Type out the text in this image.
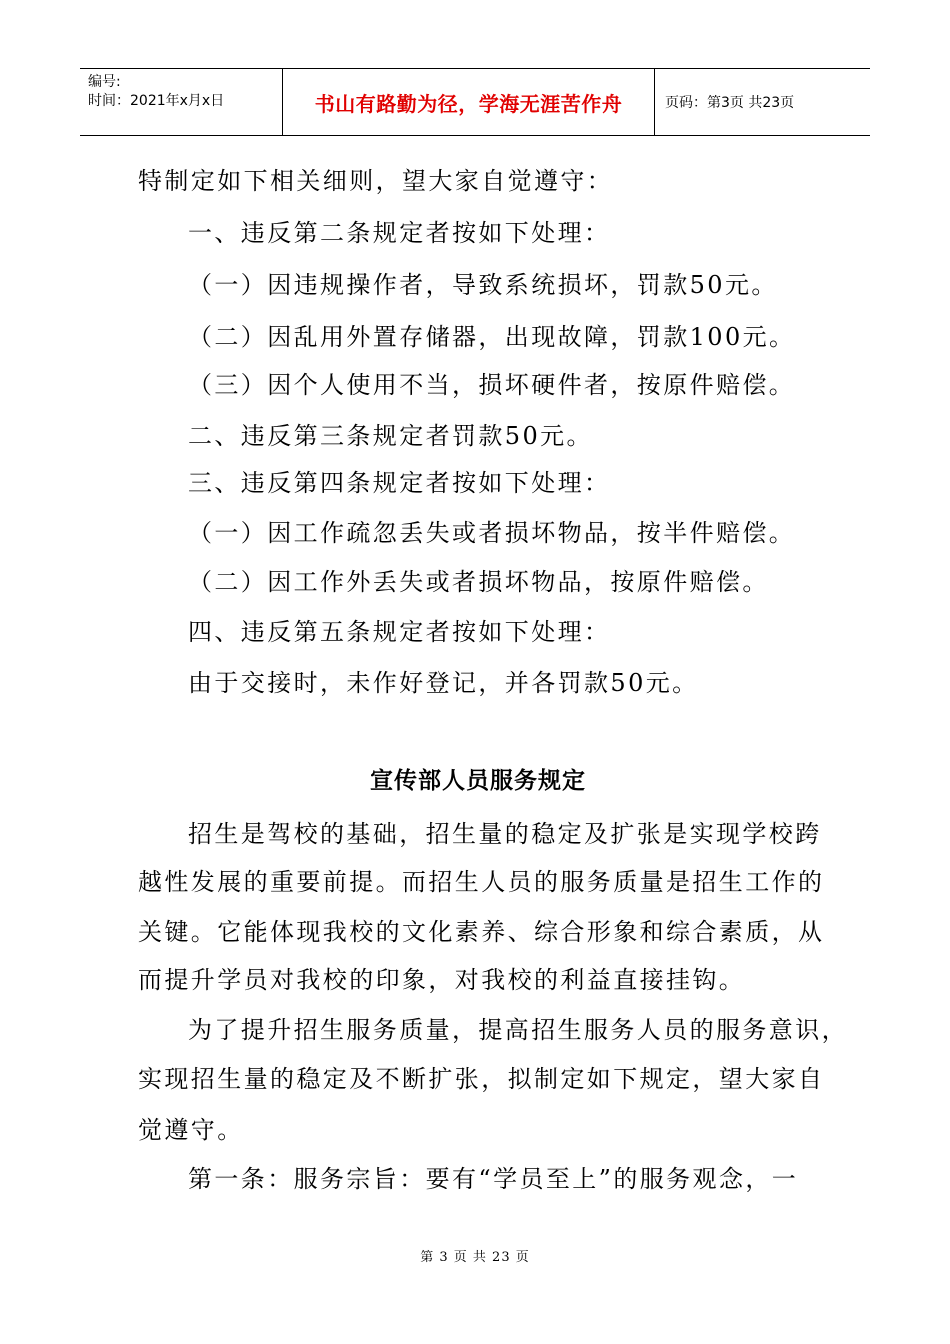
编号:
时间：2021年x月x日	书山有路勤为径，学海无涯苦作舟	页码：第3页 共23页
特制定如下相关细则，望大家自觉遵守：
一、违反第二条规定者按如下处理：
（一）因违规操作者，导致系统损坏，罚款50元。
（二）因乱用外置存储器，出现故障，罚款100元。
（三）因个人使用不当，损坏硬件者，按原件赔偿。
二、违反第三条规定者罚款50元。
三、违反第四条规定者按如下处理：
（一）因工作疏忽丢失或者损坏物品，按半件赔偿。
（二）因工作外丢失或者损坏物品，按原件赔偿。
四、违反第五条规定者按如下处理：
由于交接时，未作好登记，并各罚款50元。
宣传部人员服务规定
招生是驾校的基础，招生量的稳定及扩张是实现学校跨
越性发展的重要前提。而招生人员的服务质量是招生工作的
关键。它能体现我校的文化素养、综合形象和综合素质，从
而提升学员对我校的印象，对我校的利益直接挂钩。
为了提升招生服务质量，提高招生服务人员的服务意识，
实现招生量的稳定及不断扩张，拟制定如下规定，望大家自
觉遵守。
第一条：服务宗旨：要有“学员至上”的服务观念，一
第 3 页 共 23 页
